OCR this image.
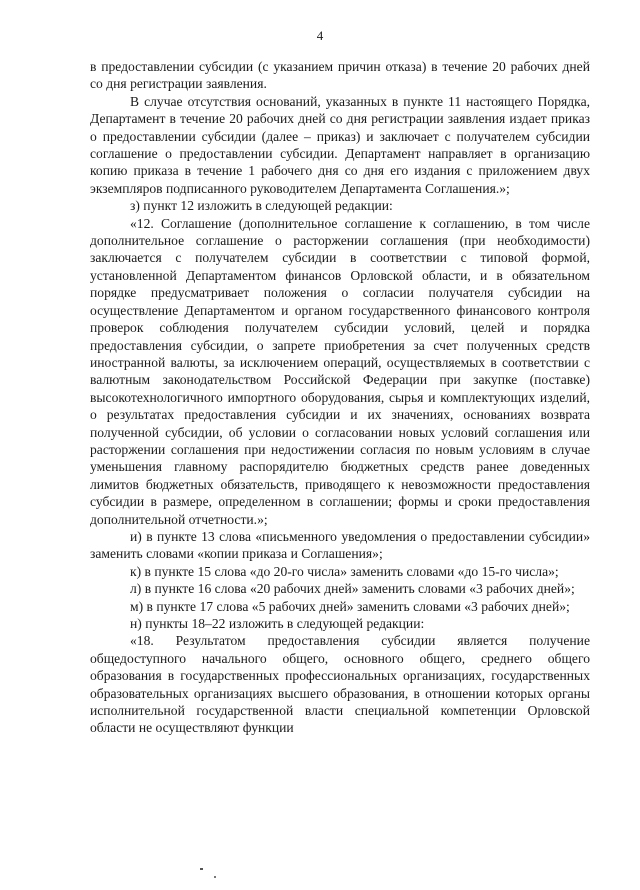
4

в предоставлении субсидии (с указанием причин отказа) в течение 20 рабочих дней со дня регистрации заявления.

В случае отсутствия оснований, указанных в пункте 11 настоящего Порядка, Департамент в течение 20 рабочих дней со дня регистрации заявления издает приказ о предоставлении субсидии (далее – приказ) и заключает с получателем субсидии соглашение о предоставлении субсидии. Департамент направляет в организацию копию приказа в течение 1 рабочего дня со дня его издания с приложением двух экземпляров подписанного руководителем Департамента Соглашения.»;

з) пункт 12 изложить в следующей редакции:

«12. Соглашение (дополнительное соглашение к соглашению, в том числе дополнительное соглашение о расторжении соглашения (при необходимости) заключается с получателем субсидии в соответствии с типовой формой, установленной Департаментом финансов Орловской области, и в обязательном порядке предусматривает положения о согласии получателя субсидии на осуществление Департаментом и органом государственного финансового контроля проверок соблюдения получателем субсидии условий, целей и порядка предоставления субсидии, о запрете приобретения за счет полученных средств иностранной валюты, за исключением операций, осуществляемых в соответствии с валютным законодательством Российской Федерации при закупке (поставке) высокотехнологичного импортного оборудования, сырья и комплектующих изделий, о результатах предоставления субсидии и их значениях, основаниях возврата полученной субсидии, об условии о согласовании новых условий соглашения или расторжении соглашения при недостижении согласия по новым условиям в случае уменьшения главному распорядителю бюджетных средств ранее доведенных лимитов бюджетных обязательств, приводящего к невозможности предоставления субсидии в размере, определенном в соглашении; формы и сроки предоставления дополнительной отчетности.»;

и) в пункте 13 слова «письменного уведомления о предоставлении субсидии» заменить словами «копии приказа и Соглашения»;

к) в пункте 15 слова «до 20-го числа» заменить словами «до 15-го числа»;

л) в пункте 16 слова «20 рабочих дней» заменить словами «3 рабочих дней»;

м) в пункте 17 слова «5 рабочих дней» заменить словами «3 рабочих дней»;

н) пункты 18–22 изложить в следующей редакции:

«18. Результатом предоставления субсидии является получение общедоступного начального общего, основного общего, среднего общего образования в государственных профессиональных организациях, государственных образовательных организациях высшего образования, в отношении которых органы исполнительной государственной власти специальной компетенции Орловской области не осуществляют функции
